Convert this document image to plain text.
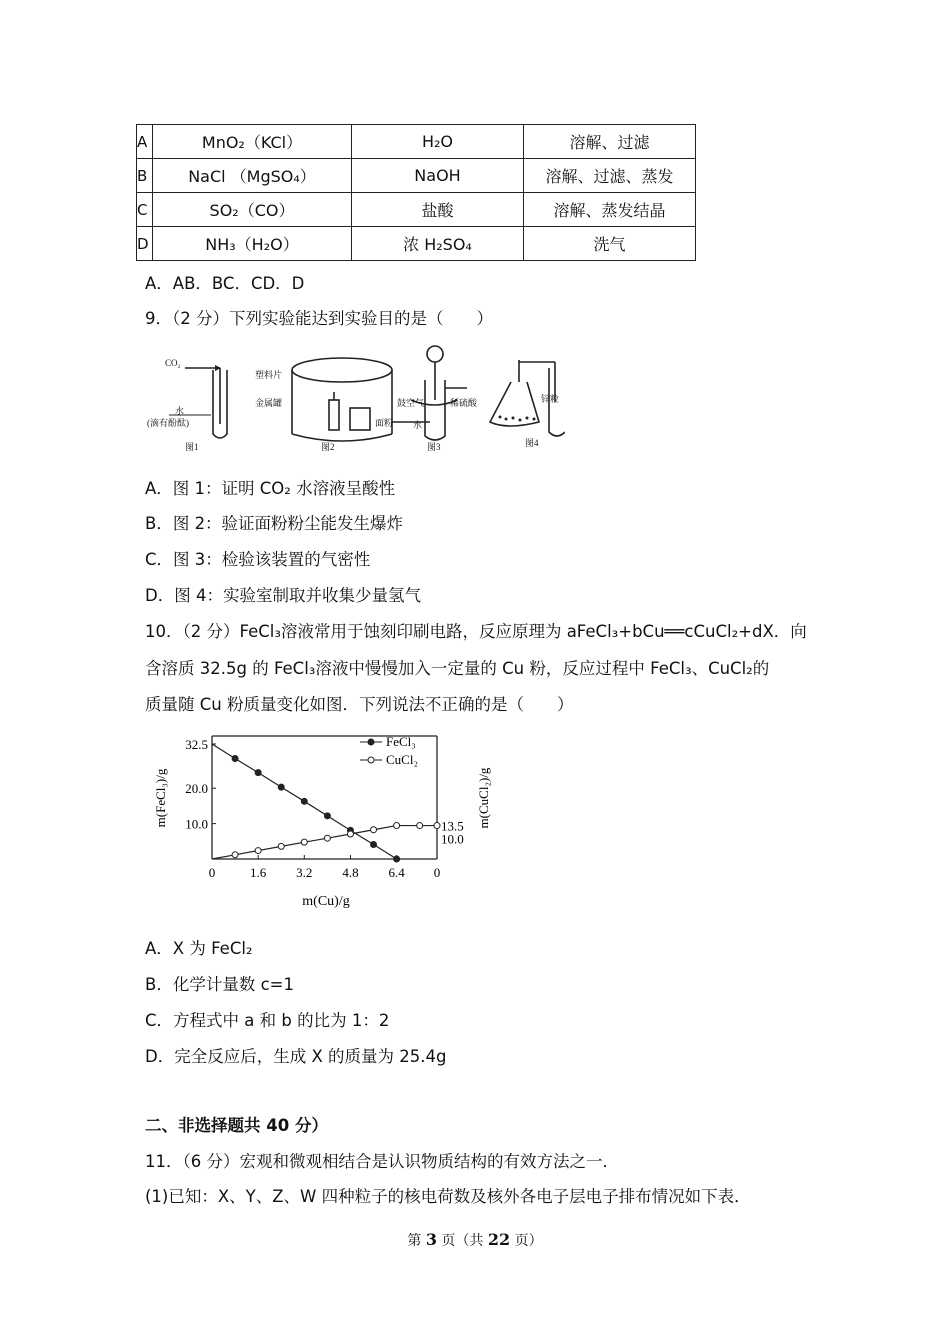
A	MnO₂（KCl）	H₂O	溶解、过滤
B	NaCl （MgSO₄）	NaOH	溶解、过滤、蒸发
C	SO₂（CO）	盐酸	溶解、蒸发结晶
D	NH₃（H₂O）	浓 H₂SO₄	洗气
A．AB．BC．CD．D
9．（2 分）下列实验能达到实验目的是（　　）
CO₂
水
(滴有酚酞)
图1
塑料片
金属罐	鼓空气
面粉
图2
稀硫酸
水
图3
锌粒
图4
A．图 1：证明 CO₂ 水溶液呈酸性
B．图 2：验证面粉粉尘能发生爆炸
C．图 3：检验该装置的气密性
D．图 4：实验室制取并收集少量氢气
10．（2 分）FeCl₃溶液常用于蚀刻印刷电路，反应原理为 aFeCl₃+bCu══cCuCl₂+dX．向
含溶质 32.5g 的 FeCl₃溶液中慢慢加入一定量的 Cu 粉，反应过程中 FeCl₃、CuCl₂的
质量随 Cu 粉质量变化如图．下列说法不正确的是（　　）
0	1.6 3.2 4.8 6.4 0
10.0
20.0
32.5
13.5
10.0
FeCl₃
CuCl₂
m(FeCl₃)/g	m(CuCl₂)/g
m(Cu)/g
A．X 为 FeCl₂
B．化学计量数 c=1
C．方程式中 a 和 b 的比为 1：2
D．完全反应后，生成 X 的质量为 25.4g
二、非选择题共 40 分）
11．（6 分）宏观和微观相结合是认识物质结构的有效方法之一．
(1)已知：X、Y、Z、W 四种粒子的核电荷数及核外各电子层电子排布情况如下表．
第 3 页（共 22 页）
